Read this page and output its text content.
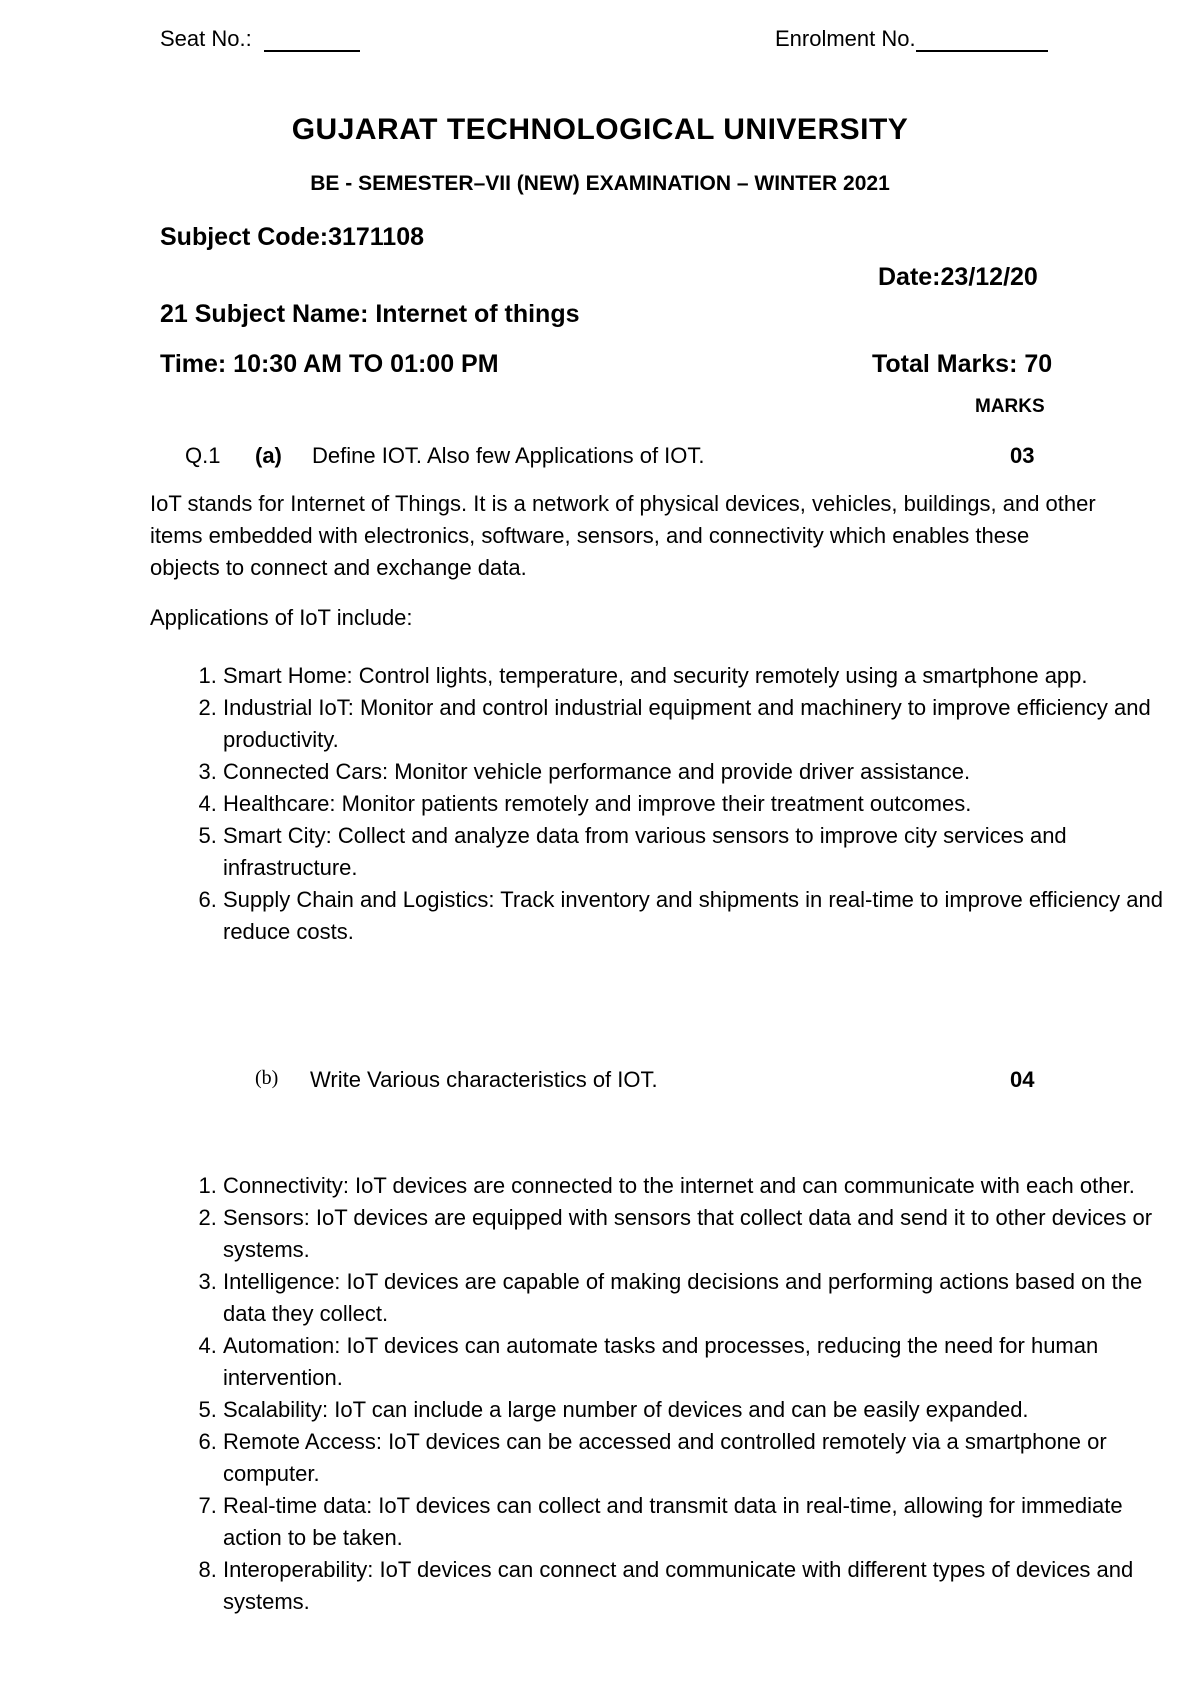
Seat No.:	Enrolment No.
GUJARAT TECHNOLOGICAL UNIVERSITY
BE - SEMESTER–VII (NEW) EXAMINATION – WINTER 2021
Subject Code:3171108
Date:23/12/20
21 Subject Name: Internet of things
Time: 10:30 AM TO 01:00 PM	Total Marks: 70
MARKS
Q.1 (a) Define IOT. Also few Applications of IOT.	03
IoT stands for Internet of Things. It is a network of physical devices, vehicles, buildings, and other items embedded with electronics, software, sensors, and connectivity which enables these objects to connect and exchange data.
Applications of IoT include:
1. Smart Home: Control lights, temperature, and security remotely using a smartphone app.
2. Industrial IoT: Monitor and control industrial equipment and machinery to improve efficiency and productivity.
3. Connected Cars: Monitor vehicle performance and provide driver assistance.
4. Healthcare: Monitor patients remotely and improve their treatment outcomes.
5. Smart City: Collect and analyze data from various sensors to improve city services and infrastructure.
6. Supply Chain and Logistics: Track inventory and shipments in real-time to improve efficiency and reduce costs.
(b) Write Various characteristics of IOT.	04
1. Connectivity: IoT devices are connected to the internet and can communicate with each other.
2. Sensors: IoT devices are equipped with sensors that collect data and send it to other devices or systems.
3. Intelligence: IoT devices are capable of making decisions and performing actions based on the data they collect.
4. Automation: IoT devices can automate tasks and processes, reducing the need for human intervention.
5. Scalability: IoT can include a large number of devices and can be easily expanded.
6. Remote Access: IoT devices can be accessed and controlled remotely via a smartphone or computer.
7. Real-time data: IoT devices can collect and transmit data in real-time, allowing for immediate action to be taken.
8. Interoperability: IoT devices can connect and communicate with different types of devices and systems.
